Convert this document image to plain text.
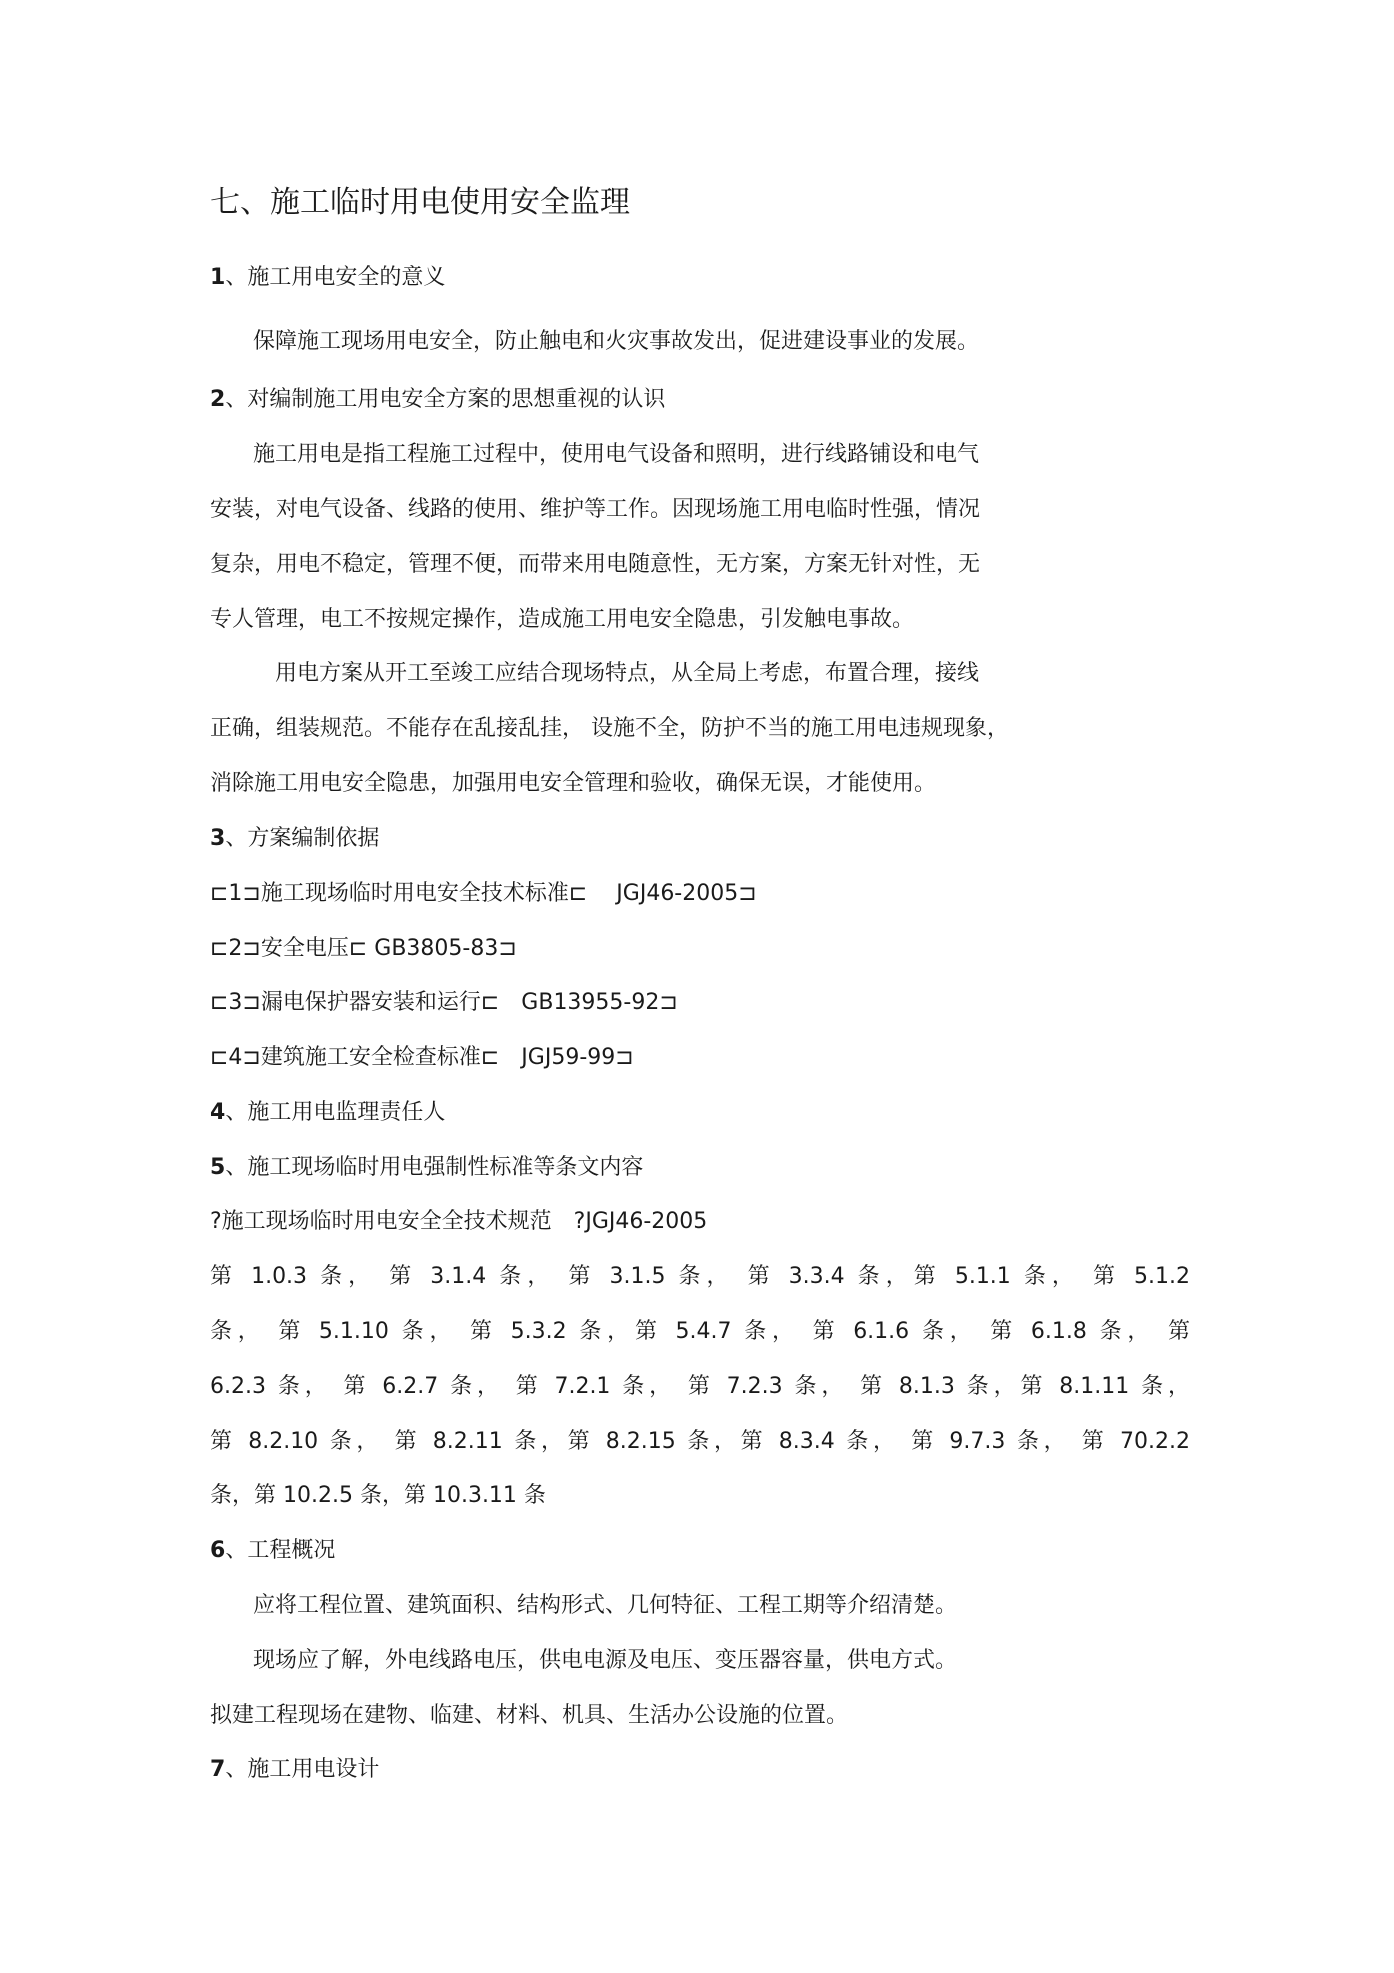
七、施工临时用电使用安全监理
1、施工用电安全的意义
保障施工现场用电安全，防止触电和火灾事故发出，促进建设事业的发展。
2、对编制施工用电安全方案的思想重视的认识
施工用电是指工程施工过程中，使用电气设备和照明，进行线路铺设和电气
安装，对电气设备、线路的使用、维护等工作。因现场施工用电临时性强，情况
复杂，用电不稳定，管理不便，而带来用电随意性，无方案，方案无针对性，无
专人管理，电工不按规定操作，造成施工用电安全隐患，引发触电事故。
用电方案从开工至竣工应结合现场特点，从全局上考虑，布置合理，接线
正确，组装规范。不能存在乱接乱挂， 设施不全，防护不当的施工用电违规现象，
消除施工用电安全隐患，加强用电安全管理和验收，确保无误，才能使用。
3、方案编制依据
⊏1⊐施工现场临时用电安全技术标准⊏　 JGJ46-2005⊐
⊏2⊐安全电压⊏ GB3805-83⊐
⊏3⊐漏电保护器安装和运行⊏　GB13955-92⊐
⊏4⊐建筑施工安全检查标准⊏　JGJ59-99⊐
4、施工用电监理责任人
5、施工现场临时用电强制性标准等条文内容
?施工现场临时用电安全全技术规范　?JGJ46-2005
第 1.0.3 条， 第 3.1.4 条， 第 3.1.5 条， 第 3.3.4 条，第 5.1.1 条， 第 5.1.2
条， 第 5.1.10 条， 第 5.3.2 条，第 5.4.7 条， 第 6.1.6 条， 第 6.1.8 条， 第
6.2.3 条， 第 6.2.7 条， 第 7.2.1 条， 第 7.2.3 条， 第 8.1.3 条，第 8.1.11 条，
第 8.2.10 条， 第 8.2.11 条，第 8.2.15 条，第 8.3.4 条， 第 9.7.3 条， 第 70.2.2
条，第 10.2.5 条，第 10.3.11 条
6、工程概况
应将工程位置、建筑面积、结构形式、几何特征、工程工期等介绍清楚。
现场应了解，外电线路电压，供电电源及电压、变压器容量，供电方式。
拟建工程现场在建物、临建、材料、机具、生活办公设施的位置。
7、施工用电设计
